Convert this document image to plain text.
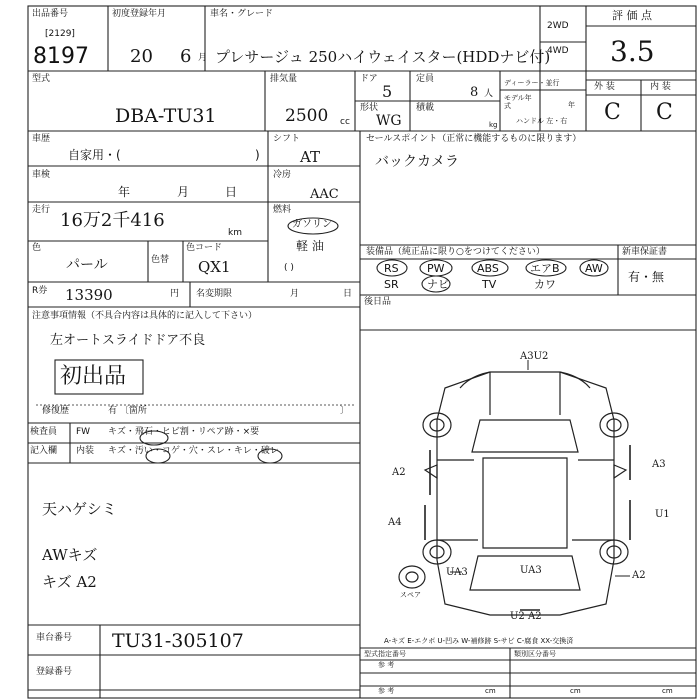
出品番号
[2129]
8197
初度登録年月
20 6 月
車名・グレード
プレサージュ 250ハイウェイスター(HDDナビ付)
2WD
4WD
評 価 点
3.5
外 装	内 装
C C
型式
DBA-TU31
排気量
2500 cc
ドア
5
定員
8 人
形状
WG
積載
kg
ディーラー・並行
モデル年式	年
ハンドル 左・右
車歴
自家用・(	)
シフト
AT
セールスポイント（正常に機能するものに限ります）
バックカメラ
車検
年	月	日
冷房
AAC
走行 16万2千416
km
燃料
ガソリン
軽 油
( )
色
パール	色替
色コード
QX1
装備品（純正品に限り○をつけてください）	新車保証書
有・無
RS	PW	ABS	エアB AW
SR	ナビ	TV	カワ
後日品
R券 13390	円 名変期限	月	日
注意事項情報（不具合内容は具体的に記入して下さい）
左オートスライドドア不良
初出品
修復歴	有 〔箇所	〕
検査員 FW キズ・飛石・ヒビ割・リペア跡・×要
記入欄 内装 キズ・汚い・コゲ・穴・スレ・キレ・破レ
天ハゲシミ
AWキズ
キズ A2
車台番号 TU31-305107
登録番号
A-キズ E-エクボ U-凹み W-補修跡 S-サビ C-腐食 XX-交換済
型式指定番号	類別区分番号
参 考
参 考	cm	cm	cm
A3U2
A2
A3
A4
U1
UA3	UA3	A2
U2 A2
スペア
